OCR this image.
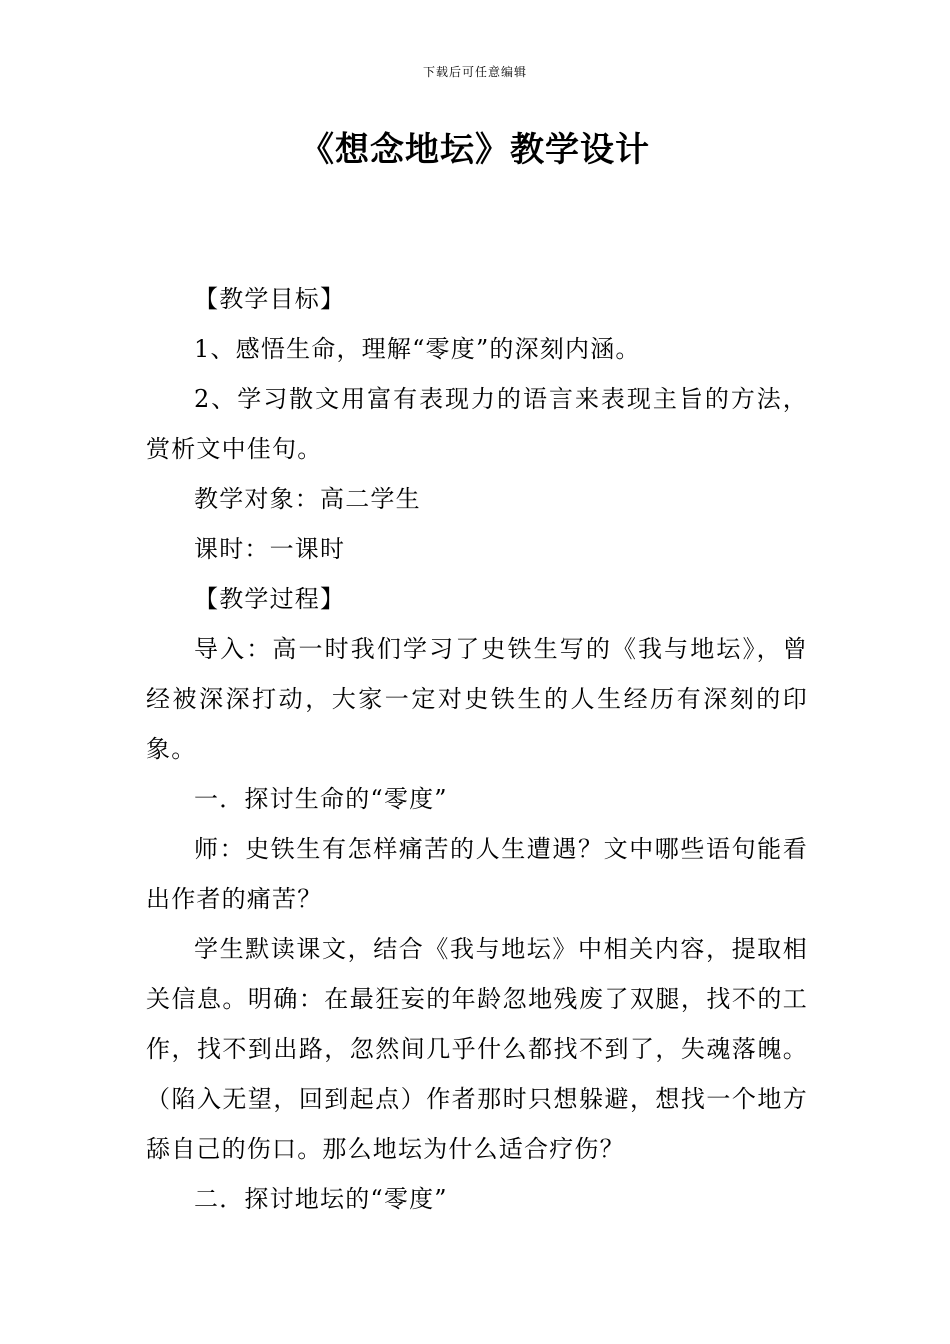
下载后可任意编辑
《想念地坛》教学设计

【教学目标】

1、感悟生命，理解“零度”的深刻内涵。

2、学习散文用富有表现力的语言来表现主旨的方法，赏析文中佳句。

教学对象：高二学生

课时：一课时

【教学过程】

导入：高一时我们学习了史铁生写的《我与地坛》，曾经被深深打动，大家一定对史铁生的人生经历有深刻的印象。

一．探讨生命的“零度”

师：史铁生有怎样痛苦的人生遭遇？文中哪些语句能看出作者的痛苦？

学生默读课文，结合《我与地坛》中相关内容，提取相关信息。明确：在最狂妄的年龄忽地残废了双腿，找不的工作，找不到出路，忽然间几乎什么都找不到了，失魂落魄。（陷入无望，回到起点）作者那时只想躲避，想找一个地方舔自己的伤口。那么地坛为什么适合疗伤？

二．探讨地坛的“零度”
